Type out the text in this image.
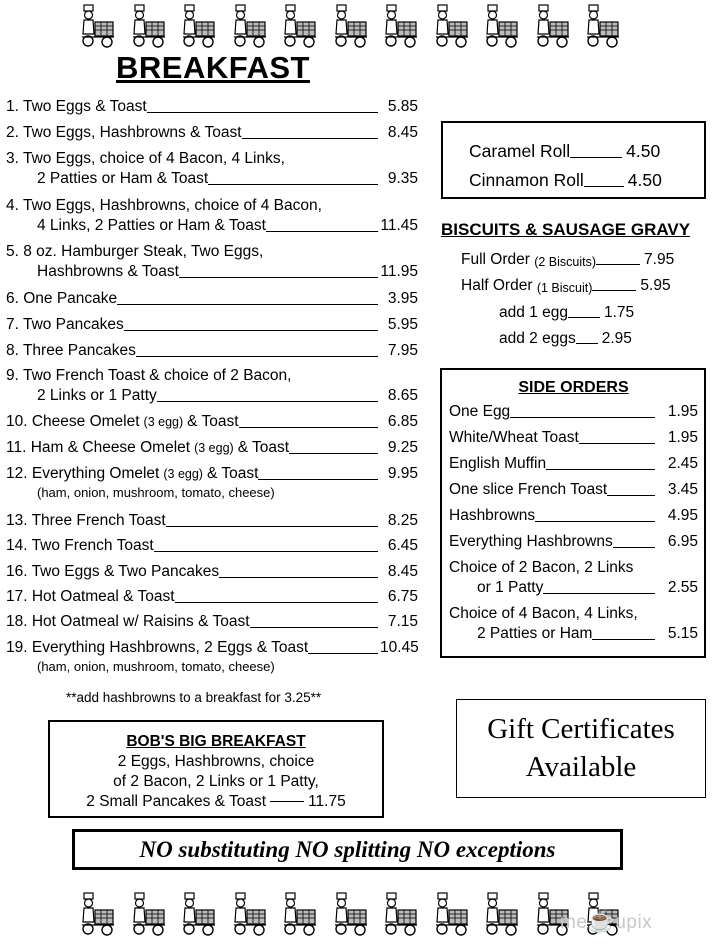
BREAKFAST
1. Two Eggs & Toast	5.85
2. Two Eggs, Hashbrowns & Toast	8.45
3. Two Eggs, choice of 4 Bacon, 4 Links,
2 Patties or Ham & Toast	9.35
4. Two Eggs, Hashbrowns, choice of 4 Bacon,
4 Links, 2 Patties or Ham & Toast	11.45
5. 8 oz. Hamburger Steak, Two Eggs,
Hashbrowns & Toast	11.95
6. One Pancake	3.95
7. Two Pancakes	5.95
8. Three Pancakes	7.95
9. Two French Toast & choice of 2 Bacon,
2 Links or 1 Patty	8.65
10. Cheese Omelet (3 egg) & Toast	6.85
11. Ham & Cheese Omelet (3 egg) & Toast	9.25
12. Everything Omelet (3 egg) & Toast	9.95
(ham, onion, mushroom, tomato, cheese)
13. Three French Toast	8.25
14. Two French Toast	6.45
16. Two Eggs & Two Pancakes	8.45
17. Hot Oatmeal & Toast	6.75
18. Hot Oatmeal w/ Raisins & Toast	7.15
19. Everything Hashbrowns, 2 Eggs & Toast	10.45
(ham, onion, mushroom, tomato, cheese)
**add hashbrowns to a breakfast for 3.25**
BOB'S BIG BREAKFAST
2 Eggs, Hashbrowns, choice
of 2 Bacon, 2 Links or 1 Patty,
2 Small Pancakes & Toast	11.75
Caramel Roll	4.50
Cinnamon Roll	4.50
BISCUITS & SAUSAGE GRAVY
Full Order
(2 Biscuits)	7.95
Half Order
(1 Biscuit)	5.95
add 1 egg 1.75
add 2 eggs 2.95
SIDE ORDERS
One Egg	1.95
White/Wheat Toast	1.95
English Muffin	2.45
One slice French Toast	3.45
Hashbrowns	4.95
Everything Hashbrowns	6.95
Choice of 2 Bacon, 2 Links
or 1 Patty	2.55
Choice of 4 Bacon, 4 Links,
2 Patties or Ham	5.15
Gift Certificates
Available
NO substituting NO splitting NO exceptions
me☕upix
